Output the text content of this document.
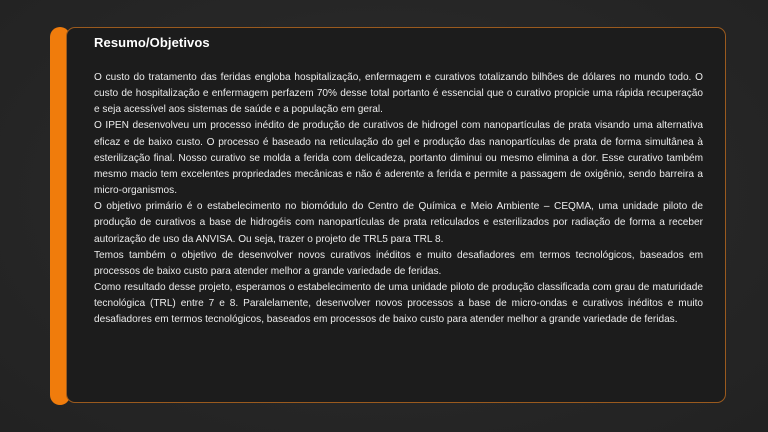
Resumo/Objetivos

O custo do tratamento das feridas engloba hospitalização, enfermagem e curativos totalizando bilhões de dólares no mundo todo. O custo de hospitalização e enfermagem perfazem 70% desse total portanto é essencial que o curativo propicie uma rápida recuperação e seja acessível aos sistemas de saúde e a população em geral.

O IPEN desenvolveu um processo inédito de produção de curativos de hidrogel com nanopartículas de prata visando uma alternativa eficaz e de baixo custo. O processo é baseado na reticulação do gel e produção das nanopartículas de prata de forma simultânea à esterilização final. Nosso curativo se molda a ferida com delicadeza, portanto diminui ou mesmo elimina a dor. Esse curativo também mesmo macio tem excelentes propriedades mecânicas e não é aderente a ferida e permite a passagem de oxigênio, sendo barreira a micro-organismos.

O objetivo primário é o estabelecimento no biomódulo do Centro de Química e Meio Ambiente – CEQMA, uma unidade piloto de produção de curativos a base de hidrogéis com nanopartículas de prata reticulados e esterilizados por radiação de forma a receber autorização de uso da ANVISA. Ou seja, trazer o projeto de TRL5 para TRL 8.

Temos também o objetivo de desenvolver novos curativos inéditos e muito desafiadores em termos tecnológicos, baseados em processos de baixo custo para atender melhor a grande variedade de feridas.

Como resultado desse projeto, esperamos o estabelecimento de uma unidade piloto de produção classificada com grau de maturidade tecnológica (TRL) entre 7 e 8. Paralelamente, desenvolver novos processos a base de micro-ondas e curativos inéditos e muito desafiadores em termos tecnológicos, baseados em processos de baixo custo para atender melhor a grande variedade de feridas.
